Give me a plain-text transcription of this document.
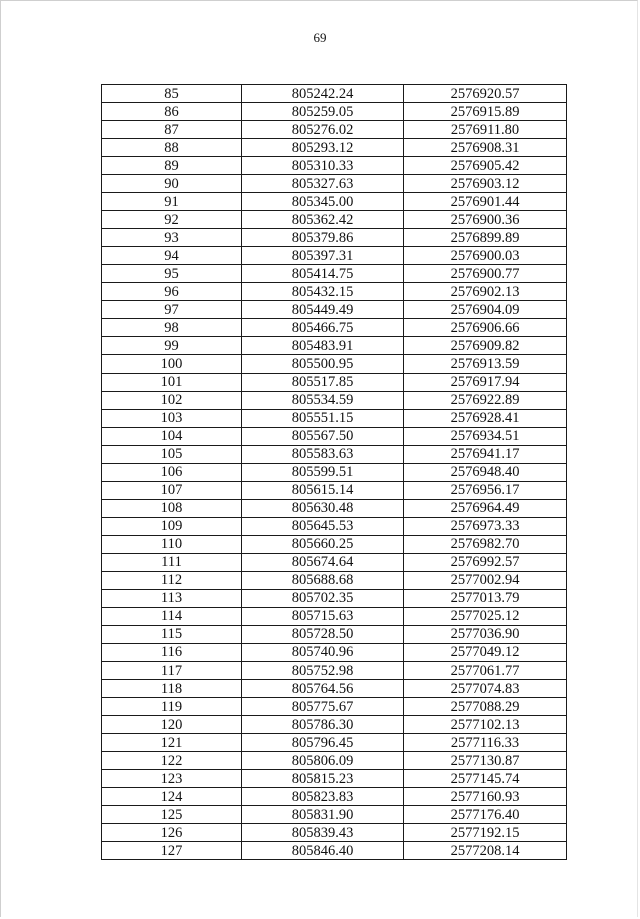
69
85	805242.24	2576920.57
86	805259.05	2576915.89
87	805276.02	2576911.80
88	805293.12	2576908.31
89	805310.33	2576905.42
90	805327.63	2576903.12
91	805345.00	2576901.44
92	805362.42	2576900.36
93	805379.86	2576899.89
94	805397.31	2576900.03
95	805414.75	2576900.77
96	805432.15	2576902.13
97	805449.49	2576904.09
98	805466.75	2576906.66
99	805483.91	2576909.82
100	805500.95	2576913.59
101	805517.85	2576917.94
102	805534.59	2576922.89
103	805551.15	2576928.41
104	805567.50	2576934.51
105	805583.63	2576941.17
106	805599.51	2576948.40
107	805615.14	2576956.17
108	805630.48	2576964.49
109	805645.53	2576973.33
110	805660.25	2576982.70
111	805674.64	2576992.57
112	805688.68	2577002.94
113	805702.35	2577013.79
114	805715.63	2577025.12
115	805728.50	2577036.90
116	805740.96	2577049.12
117	805752.98	2577061.77
118	805764.56	2577074.83
119	805775.67	2577088.29
120	805786.30	2577102.13
121	805796.45	2577116.33
122	805806.09	2577130.87
123	805815.23	2577145.74
124	805823.83	2577160.93
125	805831.90	2577176.40
126	805839.43	2577192.15
127	805846.40	2577208.14
